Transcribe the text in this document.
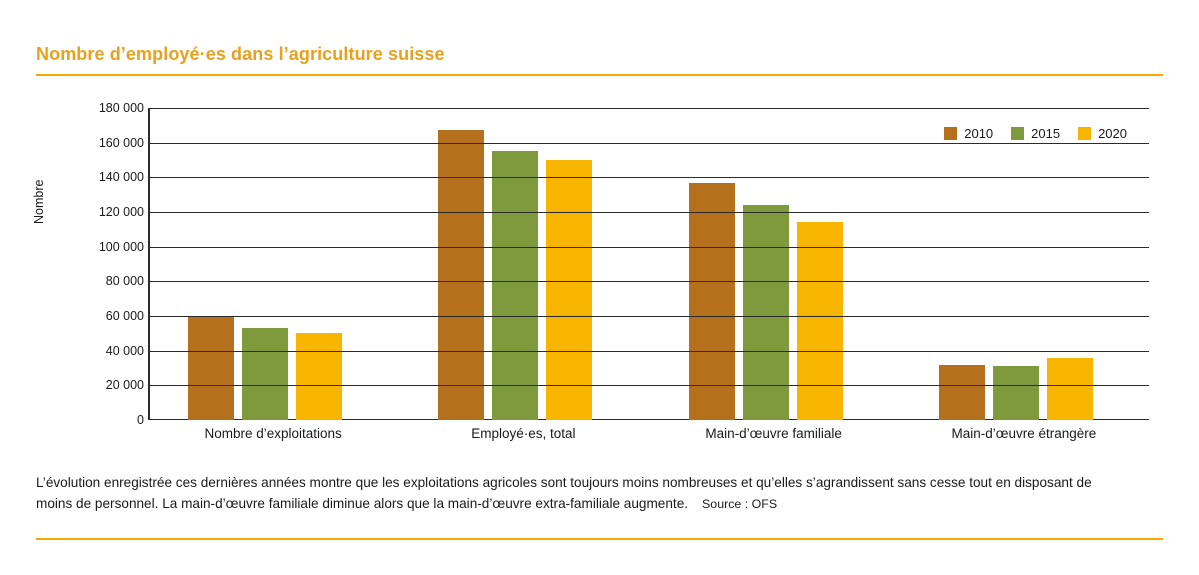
Nombre d’employé·es dans l’agriculture suisse
Nombre
2010	2015	2020
0
20 000
40 000
60 000
80 000
100 000
120 000
140 000
160 000
180 000
Nombre d’exploitations	Employé·es, total	Main-d’œuvre familiale	Main-d’œuvre étrangère
L’évolution enregistrée ces dernières années montre que les exploitations agricoles sont toujours moins nombreuses et qu’elles s’agrandissent sans cesse tout en disposant de moins de personnel. La main-d’œuvre familiale diminue alors que la main-d’œuvre extra-familiale augmente. Source : OFS
